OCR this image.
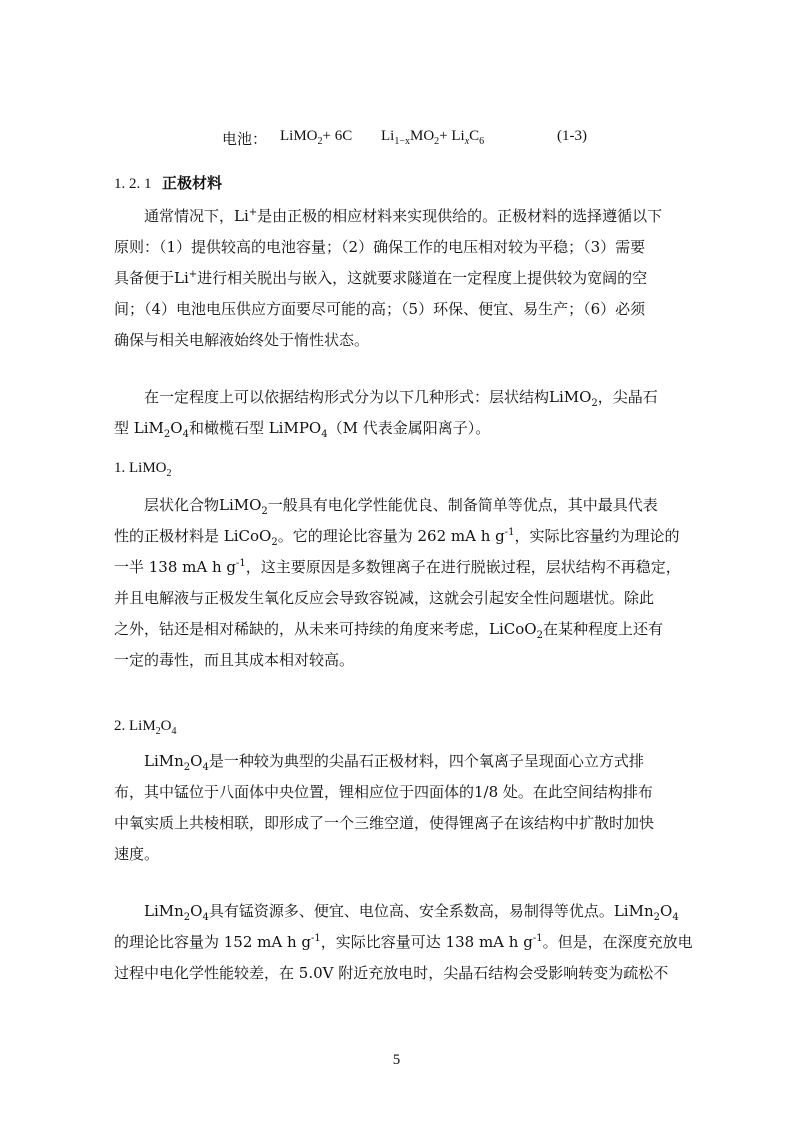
电池： LiMO$_2$+ 6C $Li_{1-x}MO_2+ Li_xC_6$	(1-3)
1. 2. 1 正极材料
通常情况下，Li+是由正极的相应材料来实现供给的。正极材料的选择遵循以下
原则：（1）提供较高的电池容量；（2）确保工作的电压相对较为平稳；（3）需要
具备便于Li+进行相关脱出与嵌入，这就要求隧道在一定程度上提供较为宽阔的空
间；（4）电池电压供应方面要尽可能的高；（5）环保、便宜、易生产；（6）必须
确保与相关电解液始终处于惰性状态。
在一定程度上可以依据结构形式分为以下几种形式：层状结构LiMO$_2$，尖晶石
型 $LiM_2O_4$和橄榄石型 LiMPO$_4$（M 代表金属阳离子）。
1. LiMO$_2$
层状化合物LiMO$_2$一般具有电化学性能优良、制备简单等优点，其中最具代表
性的正极材料是 LiCoO$_2$。它的理论比容量为 262 mA h $g^{-1}$，实际比容量约为理论的
一半 138 mA h $g^{-1}$，这主要原因是多数锂离子在进行脱嵌过程，层状结构不再稳定，
并且电解液与正极发生氧化反应会导致容锐减，这就会引起安全性问题堪忧。除此
之外，钴还是相对稀缺的，从未来可持续的角度来考虑，LiCoO$_2$在某种程度上还有
一定的毒性，而且其成本相对较高。
2. $LiM_2O_4$
$LiMn_2O_4$是一种较为典型的尖晶石正极材料，四个氧离子呈现面心立方式排
布，其中锰位于八面体中央位置，锂相应位于四面体的1/8 处。在此空间结构排布
中氧实质上共棱相联，即形成了一个三维空道，使得锂离子在该结构中扩散时加快
速度。
$LiMn_2O_4$具有锰资源多、便宜、电位高、安全系数高，易制得等优点。$LiMn_2O_4$
的理论比容量为 152 mA h $g^{-1}$，实际比容量可达 138 mA h $g^{-1}$。但是，在深度充放电
过程中电化学性能较差，在 5.0V 附近充放电时，尖晶石结构会受影响转变为疏松不
5
